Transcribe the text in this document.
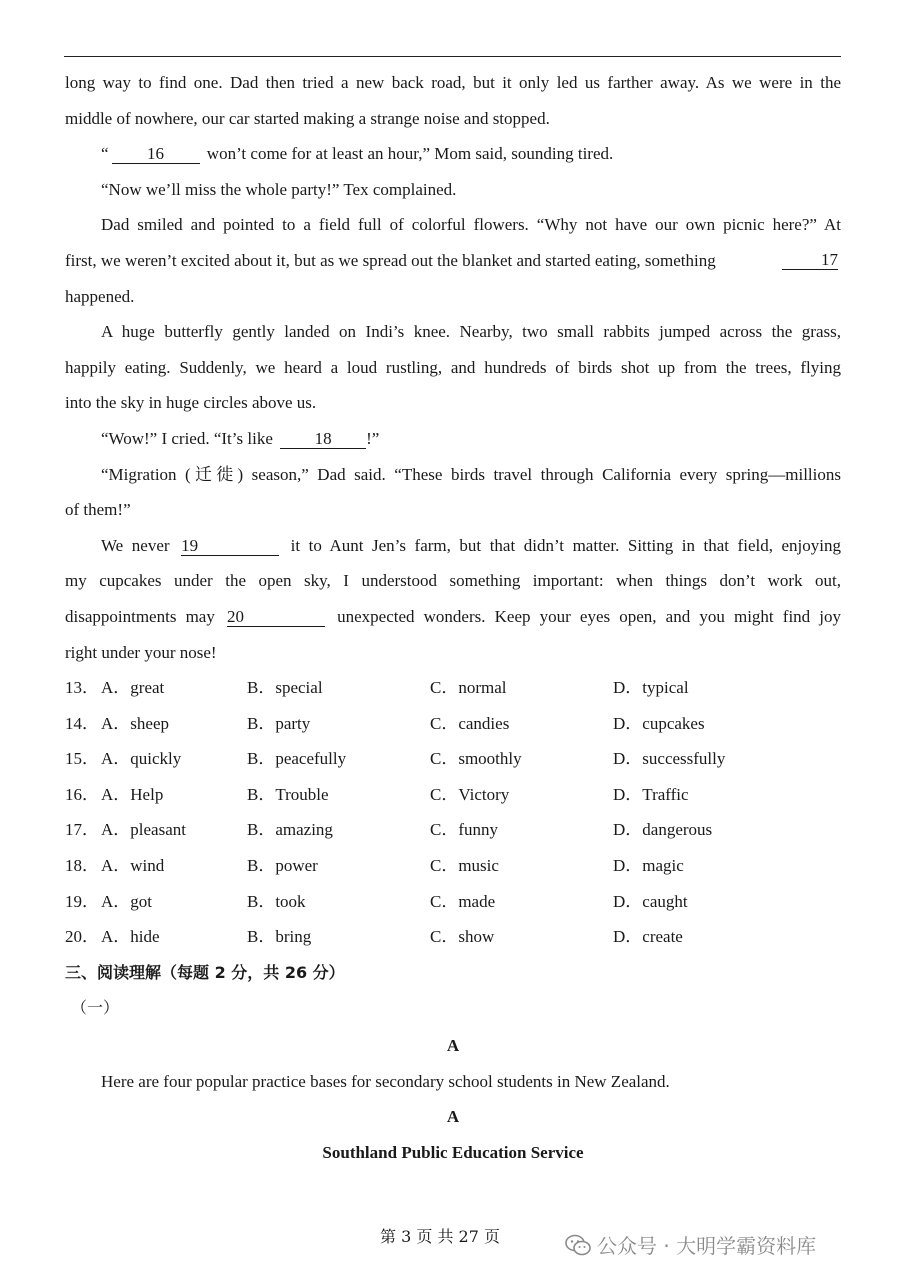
long way to find one. Dad then tried a new back road, but it only led us farther away. As we were in the
middle of nowhere, our car started making a strange noise and stopped.
“ 16	won’t come for at least an hour,” Mom said, sounding tired.
“Now we’ll miss the whole party!” Tex complained.
Dad smiled and pointed to a field full of colorful flowers. “Why not have our own picnic here?” At
first, we weren’t excited about it, but as we spread out the blanket and started eating, something	17
happened.
A huge butterfly gently landed on Indi’s knee. Nearby, two small rabbits jumped across the grass,
happily eating. Suddenly, we heard a loud rustling, and hundreds of birds shot up from the trees, flying
into the sky in huge circles above us.
“Wow!” I cried. “It’s like 18 !”
“Migration (迁徙) season,” Dad said. “These birds travel through California every spring—millions
of them!”
We never 19	it to Aunt Jen’s farm, but that didn’t matter. Sitting in that field, enjoying
my cupcakes under the open sky, I understood something important: when things don’t work out,
disappointments may 20	unexpected wonders. Keep your eyes open, and you might find joy
right under your nose!
13． A．great	B．special	C．normal	D．typical
14． A．sheep	B．party	C．candies	D．cupcakes
15． A．quickly	B．peacefully	C．smoothly	D．successfully
16． A．Help	B．Trouble	C．Victory	D．Traffic
17． A．pleasant	B．amazing	C．funny	D．dangerous
18． A．wind	B．power	C．music	D．magic
19． A．got	B．took	C．made	D．caught
20． A．hide	B．bring	C．show	D．create
三、阅读理解（每题 2 分，共 26 分）
（一）
A
Here are four popular practice bases for secondary school students in New Zealand.
A
Southland Public Education Service
第 3 页 共 27 页	公众号 · 大明学霸资料库
